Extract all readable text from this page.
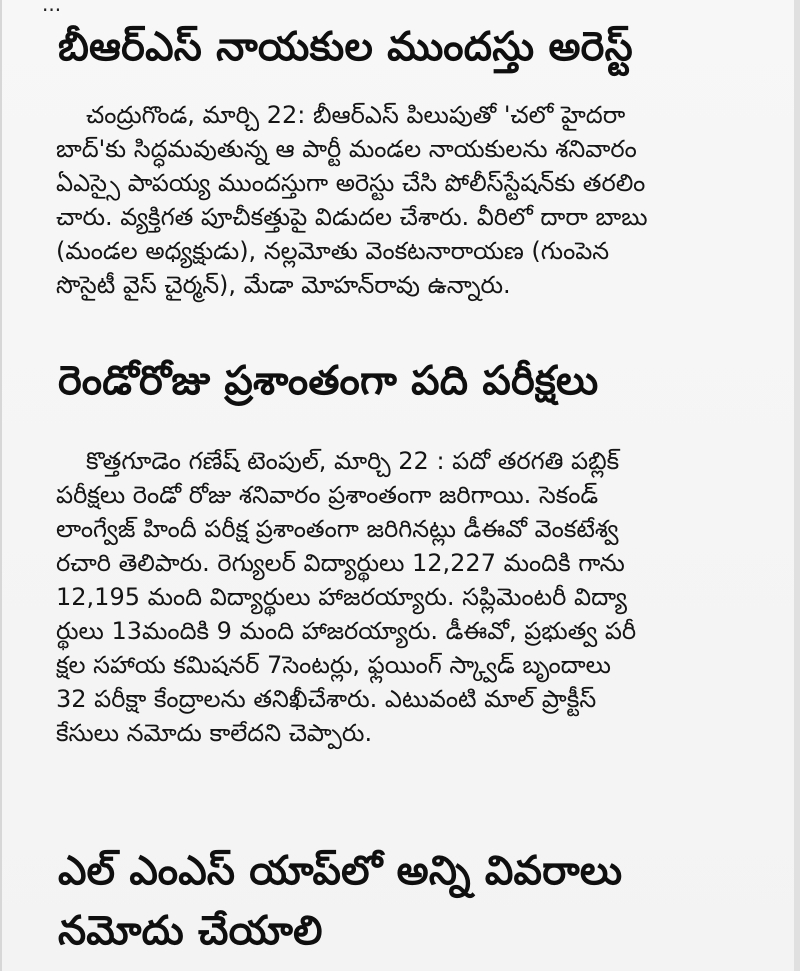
...
బీఆర్ఎస్ నాయకుల ముందస్తు అరెస్ట్
చంద్రుగొండ, మార్చి 22: బీఆర్ఎస్ పిలుపుతో 'చలో హైదరా
బాద్'కు సిద్ధమవుతున్న ఆ పార్టీ మండల నాయకులను శనివారం
ఏఎస్సై పాపయ్య ముందస్తుగా అరెస్టు చేసి పోలీస్‌స్టేషన్‌కు తరలిం
చారు. వ్యక్తిగత పూచీకత్తుపై విడుదల చేశారు. వీరిలో దారా బాబు
(మండల అధ్యక్షుడు), నల్లమోతు వెంకటనారాయణ (గుంపెన
సొసైటీ వైస్ చైర్మన్), మేడా మోహన్‌రావు ఉన్నారు.
రెండోరోజు ప్రశాంతంగా పది పరీక్షలు
కొత్తగూడెం గణేష్ టెంపుల్, మార్చి 22 : పదో తరగతి పబ్లిక్
పరీక్షలు రెండో రోజు శనివారం ప్రశాంతంగా జరిగాయి. సెకండ్
లాంగ్వేజ్ హిందీ పరీక్ష ప్రశాంతంగా జరిగినట్లు డీఈవో వెంకటేశ్వ
రచారి తెలిపారు. రెగ్యులర్ విద్యార్థులు 12,227 మందికి గాను
12,195 మంది విద్యార్థులు హాజరయ్యారు. సప్లిమెంటరీ విద్యా
ర్థులు 13మందికి 9 మంది హాజరయ్యారు. డీఈవో, ప్రభుత్వ పరీ
క్షల సహాయ కమిషనర్ 7సెంటర్లు, ఫ్లయింగ్ స్క్వాడ్ బృందాలు
32 పరీక్షా కేంద్రాలను తనిఖీచేశారు. ఎటువంటి మాల్ ప్రాక్టీస్
కేసులు నమోదు కాలేదని చెప్పారు.
ఎల్ ఎంఎస్ యాప్‌లో అన్ని వివరాలు
నమోదు చేయాలి
